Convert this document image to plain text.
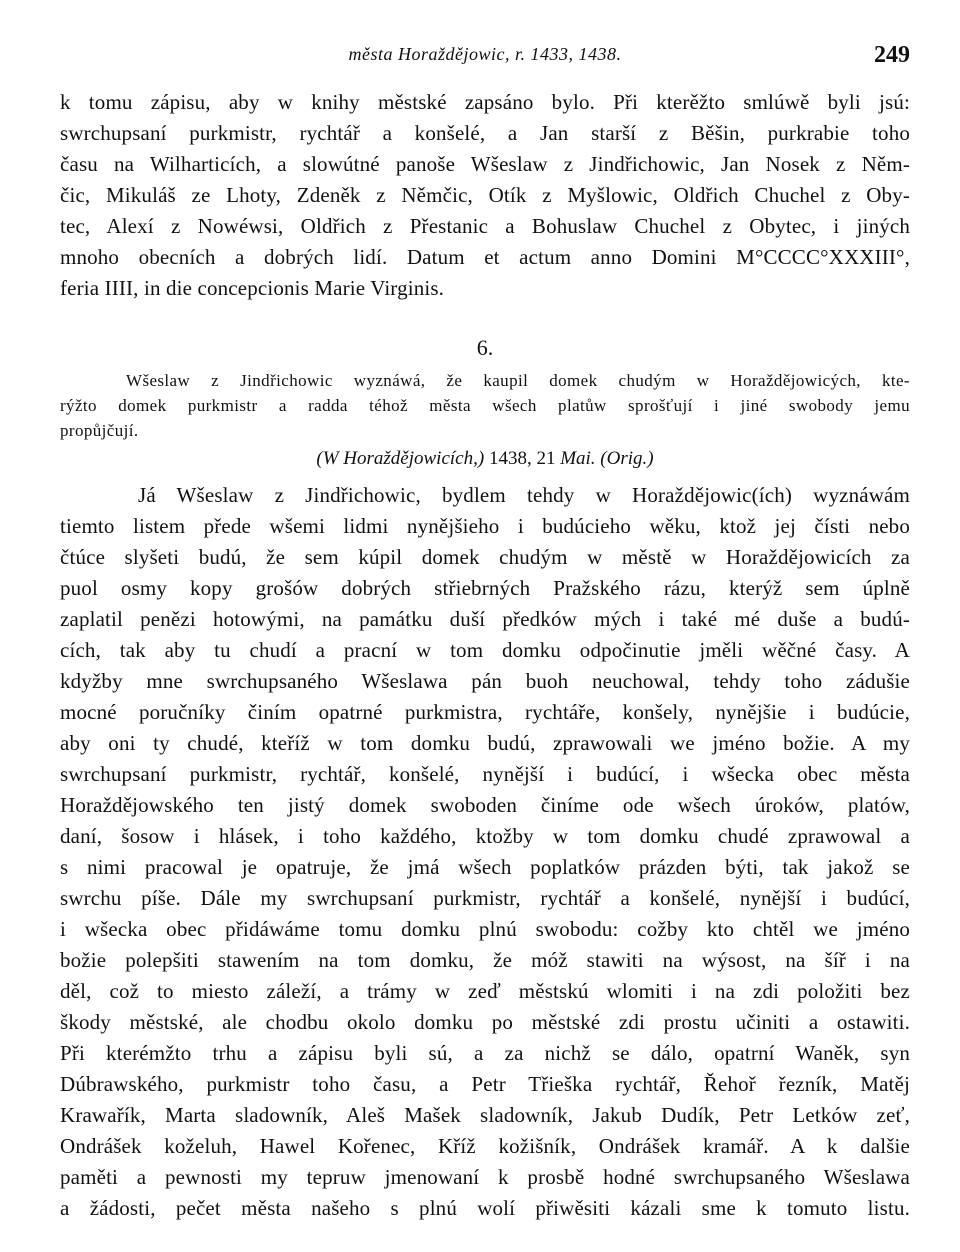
města Horaždějowic, r. 1433, 1438.	249
k tomu zápisu, aby w knihy městské zapsáno bylo. Při kterěžto smlúwě byli jsú:
swrchupsaní purkmistr, rychtář a konšelé, a Jan starší z Běšin, purkrabie toho
času na Wilharticích, a slowútné panoše Wšeslaw z Jindřichowic, Jan Nosek z Něm-
čic, Mikuláš ze Lhoty, Zdeněk z Němčic, Otík z Myšlowic, Oldřich Chuchel z Oby-
tec, Alexí z Nowéwsi, Oldřich z Přestanic a Bohuslaw Chuchel z Obytec, i jiných
mnoho obecních a dobrých lidí. Datum et actum anno Domini M°CCCC°XXXIII°,
feria IIII, in die concepcionis Marie Virginis.
6.
Wšeslaw z Jindřichowic wyznáwá, že kaupil domek chudým w Horaždějowicých, kte-
rýžto domek purkmistr a radda téhož města wšech platůw sprošťují i jiné swobody jemu
propůjčují.
(W Horaždějowicích,) 1438, 21 Mai. (Orig.)
Já Wšeslaw z Jindřichowic, bydlem tehdy w Horaždějowic(ích) wyznáwám
tiemto listem přede wšemi lidmi nynějšieho i budúcieho wěku, ktož jej čísti nebo
čtúce slyšeti budú, že sem kúpil domek chudým w městě w Horaždějowicích za
puol osmy kopy grošów dobrých střiebrných Pražského rázu, kterýž sem úplně
zaplatil penězi hotowými, na památku duší předków mých i také mé duše a budú-
cích, tak aby tu chudí a pracní w tom domku odpočinutie jměli wěčné časy. A
kdyžby mne swrchupsaného Wšeslawa pán buoh neuchowal, tehdy toho zádušie
mocné poručníky činím opatrné purkmistra, rychtáře, konšely, nynějšie i budúcie,
aby oni ty chudé, kteříž w tom domku budú, zprawowali we jméno božie. A my
swrchupsaní purkmistr, rychtář, konšelé, nynější i budúcí, i wšecka obec města
Horaždějowského ten jistý domek swoboden činíme ode wšech úroków, platów,
daní, šosow i hlásek, i toho každého, ktožby w tom domku chudé zprawowal a
s nimi pracowal je opatruje, že jmá wšech poplatków prázden býti, tak jakož se
swrchu píše. Dále my swrchupsaní purkmistr, rychtář a konšelé, nynější i budúcí,
i wšecka obec přidáwáme tomu domku plnú swobodu: cožby kto chtěl we jméno
božie polepšiti stawením na tom domku, že móž stawiti na wýsost, na šíř i na
děl, což to miesto záleží, a trámy w zeď městskú wlomiti i na zdi položiti bez
škody městské, ale chodbu okolo domku po městské zdi prostu učiniti a ostawiti.
Při kterémžto trhu a zápisu byli sú, a za nichž se dálo, opatrní Waněk, syn
Dúbrawského, purkmistr toho času, a Petr Třieška rychtář, Řehoř řezník, Matěj
Krawařík, Marta sladowník, Aleš Mašek sladowník, Jakub Dudík, Petr Letków zeť,
Ondrášek koželuh, Hawel Kořenec, Kříž kožišník, Ondrášek kramář. A k dalšie
paměti a pewnosti my tepruw jmenowaní k prosbě hodné swrchupsaného Wšeslawa
a žádosti, pečet města našeho s plnú wolí přiwěsiti kázali sme k tomuto listu.
